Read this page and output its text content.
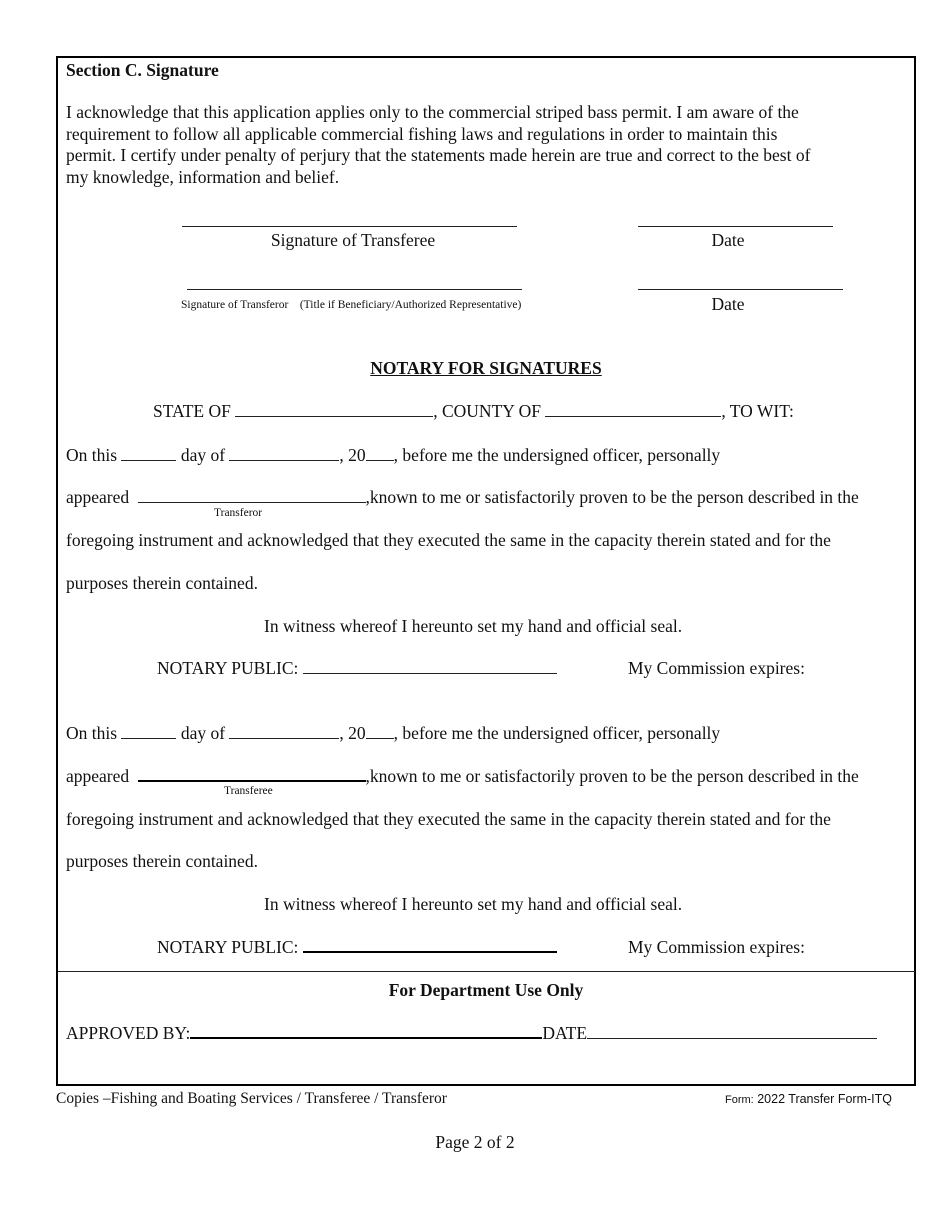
Section C. Signature
I acknowledge that this application applies only to the commercial striped bass permit. I am aware of the
requirement to follow all applicable commercial fishing laws and regulations in order to maintain this
permit. I certify under penalty of perjury that the statements made herein are true and correct to the best of
my knowledge, information and belief.
Signature of Transferee	Date
Signature of Transferor (Title if Beneficiary/Authorized Representative)	Date
NOTARY FOR SIGNATURES
STATE OF	, COUNTY OF	, TO WIT:
On this	day of	, 20 , before me the undersigned officer, personally
appeared	,known to me or satisfactorily proven to be the person described in the
Transferor
foregoing instrument and acknowledged that they executed the same in the capacity therein stated and for the
purposes therein contained.
In witness whereof I hereunto set my hand and official seal.
NOTARY PUBLIC:	My Commission expires:
On this	day of	, 20 , before me the undersigned officer, personally
appeared	,known to me or satisfactorily proven to be the person described in the
Transferee
foregoing instrument and acknowledged that they executed the same in the capacity therein stated and for the
purposes therein contained.
In witness whereof I hereunto set my hand and official seal.
NOTARY PUBLIC:	My Commission expires:
For Department Use Only
APPROVED BY:	DATE
Copies –Fishing and Boating Services / Transferee / Transferor	Form: 2022 Transfer Form-ITQ
Page 2 of 2
